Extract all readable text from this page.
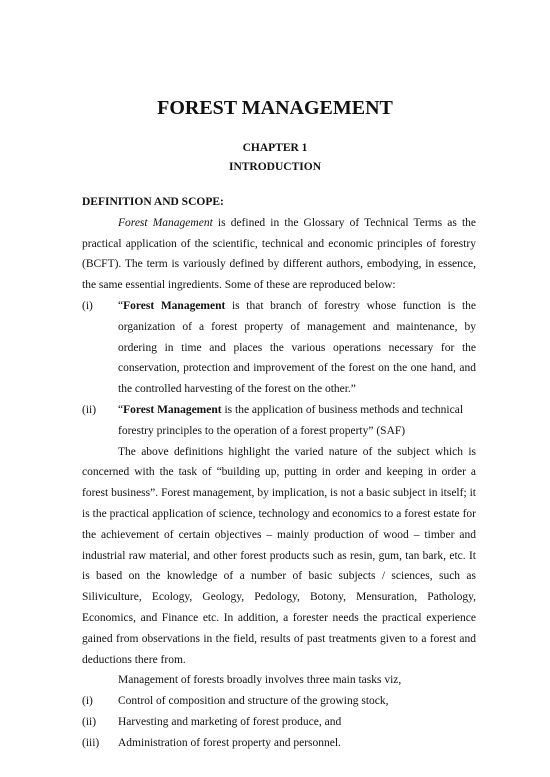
FOREST MANAGEMENT
CHAPTER 1
INTRODUCTION

DEFINITION AND SCOPE:

Forest Management is defined in the Glossary of Technical Terms as the practical application of the scientific, technical and economic principles of forestry (BCFT). The term is variously defined by different authors, embodying, in essence, the same essential ingredients. Some of these are reproduced below:

(i)	“Forest Management is that branch of forestry whose function is the organization of a forest property of management and maintenance, by ordering in time and places the various operations necessary for the conservation, protection and improvement of the forest on the one hand, and the controlled harvesting of the forest on the other.”
(ii)	“Forest Management is the application of business methods and technical forestry principles to the operation of a forest property” (SAF)

The above definitions highlight the varied nature of the subject which is concerned with the task of “building up, putting in order and keeping in order a forest business”. Forest management, by implication, is not a basic subject in itself; it is the practical application of science, technology and economics to a forest estate for the achievement of certain objectives – mainly production of wood – timber and industrial raw material, and other forest products such as resin, gum, tan bark, etc. It is based on the knowledge of a number of basic subjects / sciences, such as Siliviculture, Ecology, Geology, Pedology, Botony, Mensuration, Pathology, Economics, and Finance etc. In addition, a forester needs the practical experience gained from observations in the field, results of past treatments given to a forest and deductions there from.

Management of forests broadly involves three main tasks viz,

(i)	Control of composition and structure of the growing stock,
(ii)	Harvesting and marketing of forest produce, and
(iii)	Administration of forest property and personnel.
